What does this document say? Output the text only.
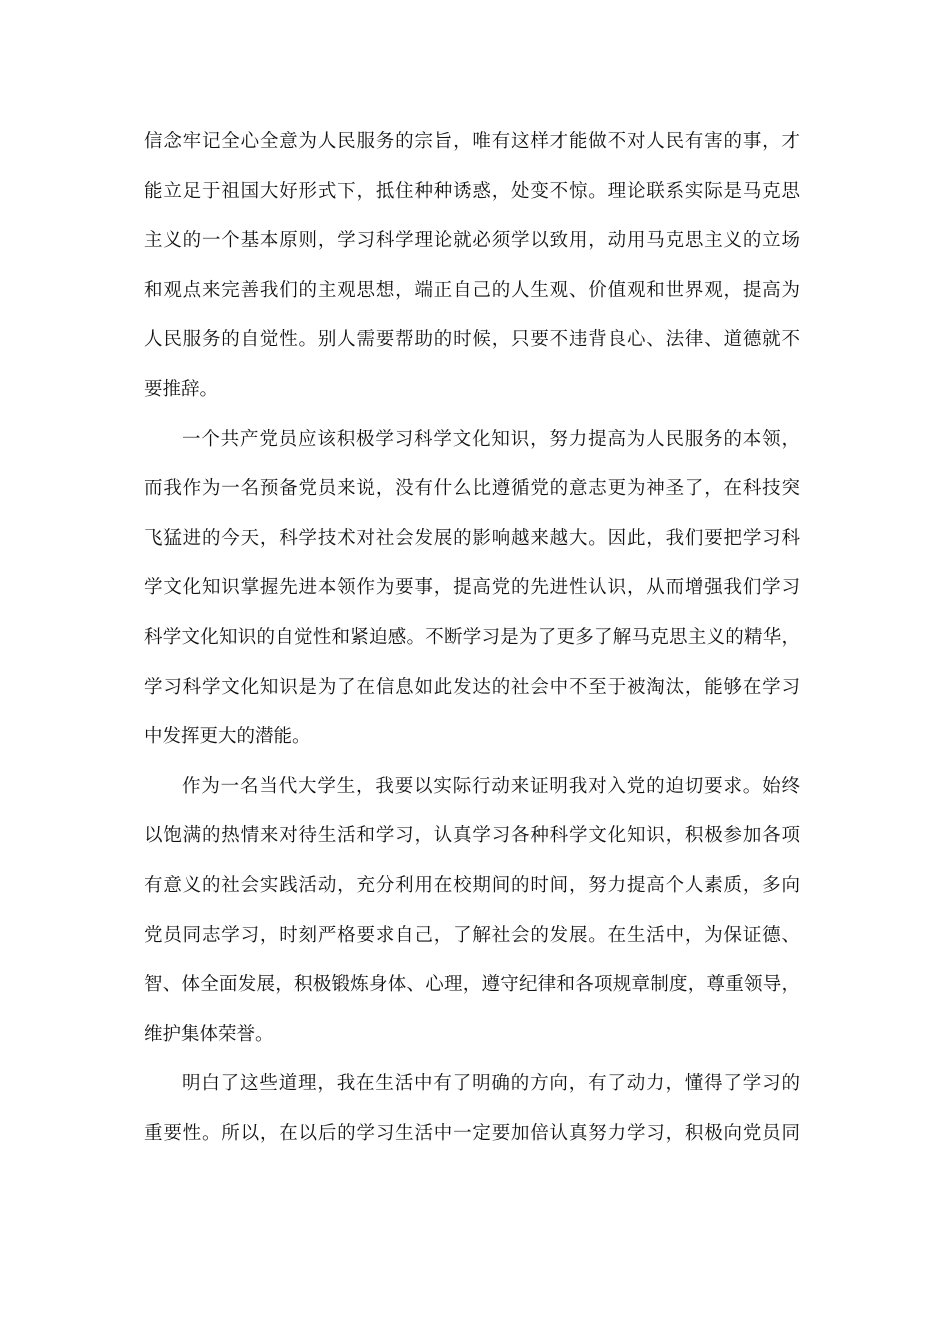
信念牢记全心全意为人民服务的宗旨，唯有这样才能做不对人民有害的事，才
能立足于祖国大好形式下，抵住种种诱惑，处变不惊。理论联系实际是马克思
主义的一个基本原则，学习科学理论就必须学以致用，动用马克思主义的立场
和观点来完善我们的主观思想，端正自己的人生观、价值观和世界观，提高为
人民服务的自觉性。别人需要帮助的时候，只要不违背良心、法律、道德就不
要推辞。
一个共产党员应该积极学习科学文化知识，努力提高为人民服务的本领，
而我作为一名预备党员来说，没有什么比遵循党的意志更为神圣了，在科技突
飞猛进的今天，科学技术对社会发展的影响越来越大。因此，我们要把学习科
学文化知识掌握先进本领作为要事，提高党的先进性认识，从而增强我们学习
科学文化知识的自觉性和紧迫感。不断学习是为了更多了解马克思主义的精华，
学习科学文化知识是为了在信息如此发达的社会中不至于被淘汰，能够在学习
中发挥更大的潜能。
作为一名当代大学生，我要以实际行动来证明我对入党的迫切要求。始终
以饱满的热情来对待生活和学习，认真学习各种科学文化知识，积极参加各项
有意义的社会实践活动，充分利用在校期间的时间，努力提高个人素质，多向
党员同志学习，时刻严格要求自己，了解社会的发展。在生活中，为保证德、
智、体全面发展，积极锻炼身体、心理，遵守纪律和各项规章制度，尊重领导，
维护集体荣誉。
明白了这些道理，我在生活中有了明确的方向，有了动力，懂得了学习的
重要性。所以，在以后的学习生活中一定要加倍认真努力学习，积极向党员同
